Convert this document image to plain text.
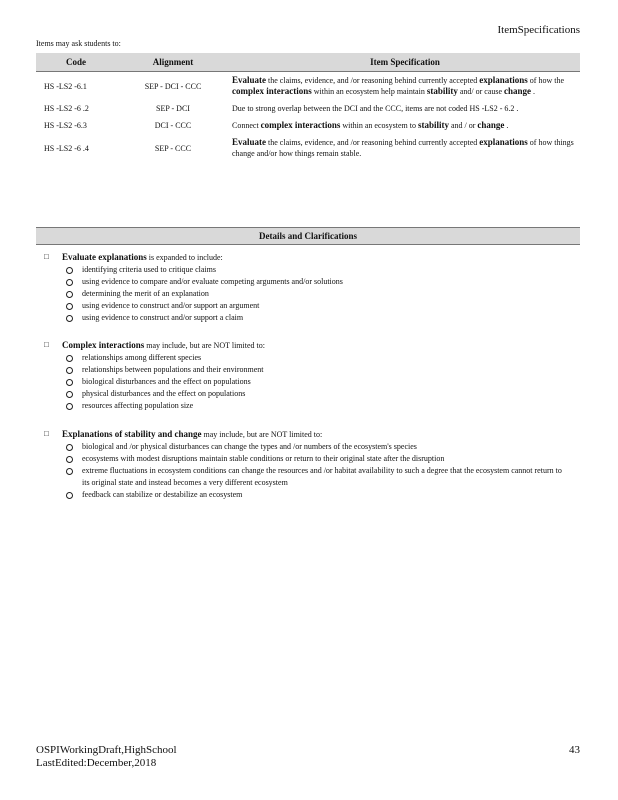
ItemSpecifications
Items may ask students to:
Code	Alignment	Item Specification
HS -LS2 -6.1	SEP - DCI - CCC	Evaluate the claims, evidence, and /or reasoning behind currently accepted explanations of how the complex interactions within an ecosystem help maintain stability and/ or cause change .
HS -LS2 -6 .2	SEP - DCI	Due to strong overlap between the DCI and the CCC, items are not coded HS -LS2 - 6.2 .
HS -LS2 -6.3	DCI - CCC	Connect complex interactions within an ecosystem to stability and / or change .
HS -LS2 -6 .4	SEP - CCC	Evaluate the claims, evidence, and /or reasoning behind currently accepted explanations of how things change and/or how things remain stable.
Details and Clarifications
□ Evaluate explanations is expanded to include:
identifying criteria used to critique claims
using evidence to compare and/or evaluate competing arguments and/or solutions
determining the merit of an explanation
using evidence to construct and/or support an argument
using evidence to construct and/or support a claim
□ Complex interactions may include, but are NOT limited to:
relationships among different species
relationships between populations and their environment
biological disturbances and the effect on populations
physical disturbances and the effect on populations
resources affecting population size
□ Explanations of stability and change may include, but are NOT limited to:
biological and /or physical disturbances can change the types and /or numbers of the ecosystem's species
ecosystems with modest disruptions maintain stable conditions or return to their original state after the disruption
extreme fluctuations in ecosystem conditions can change the resources and /or habitat availability to such a degree that the ecosystem cannot return to its original state and instead becomes a very different ecosystem
feedback can stabilize or destabilize an ecosystem
OSPIWorkingDraft,HighSchool
LastEdited:December,2018
43
